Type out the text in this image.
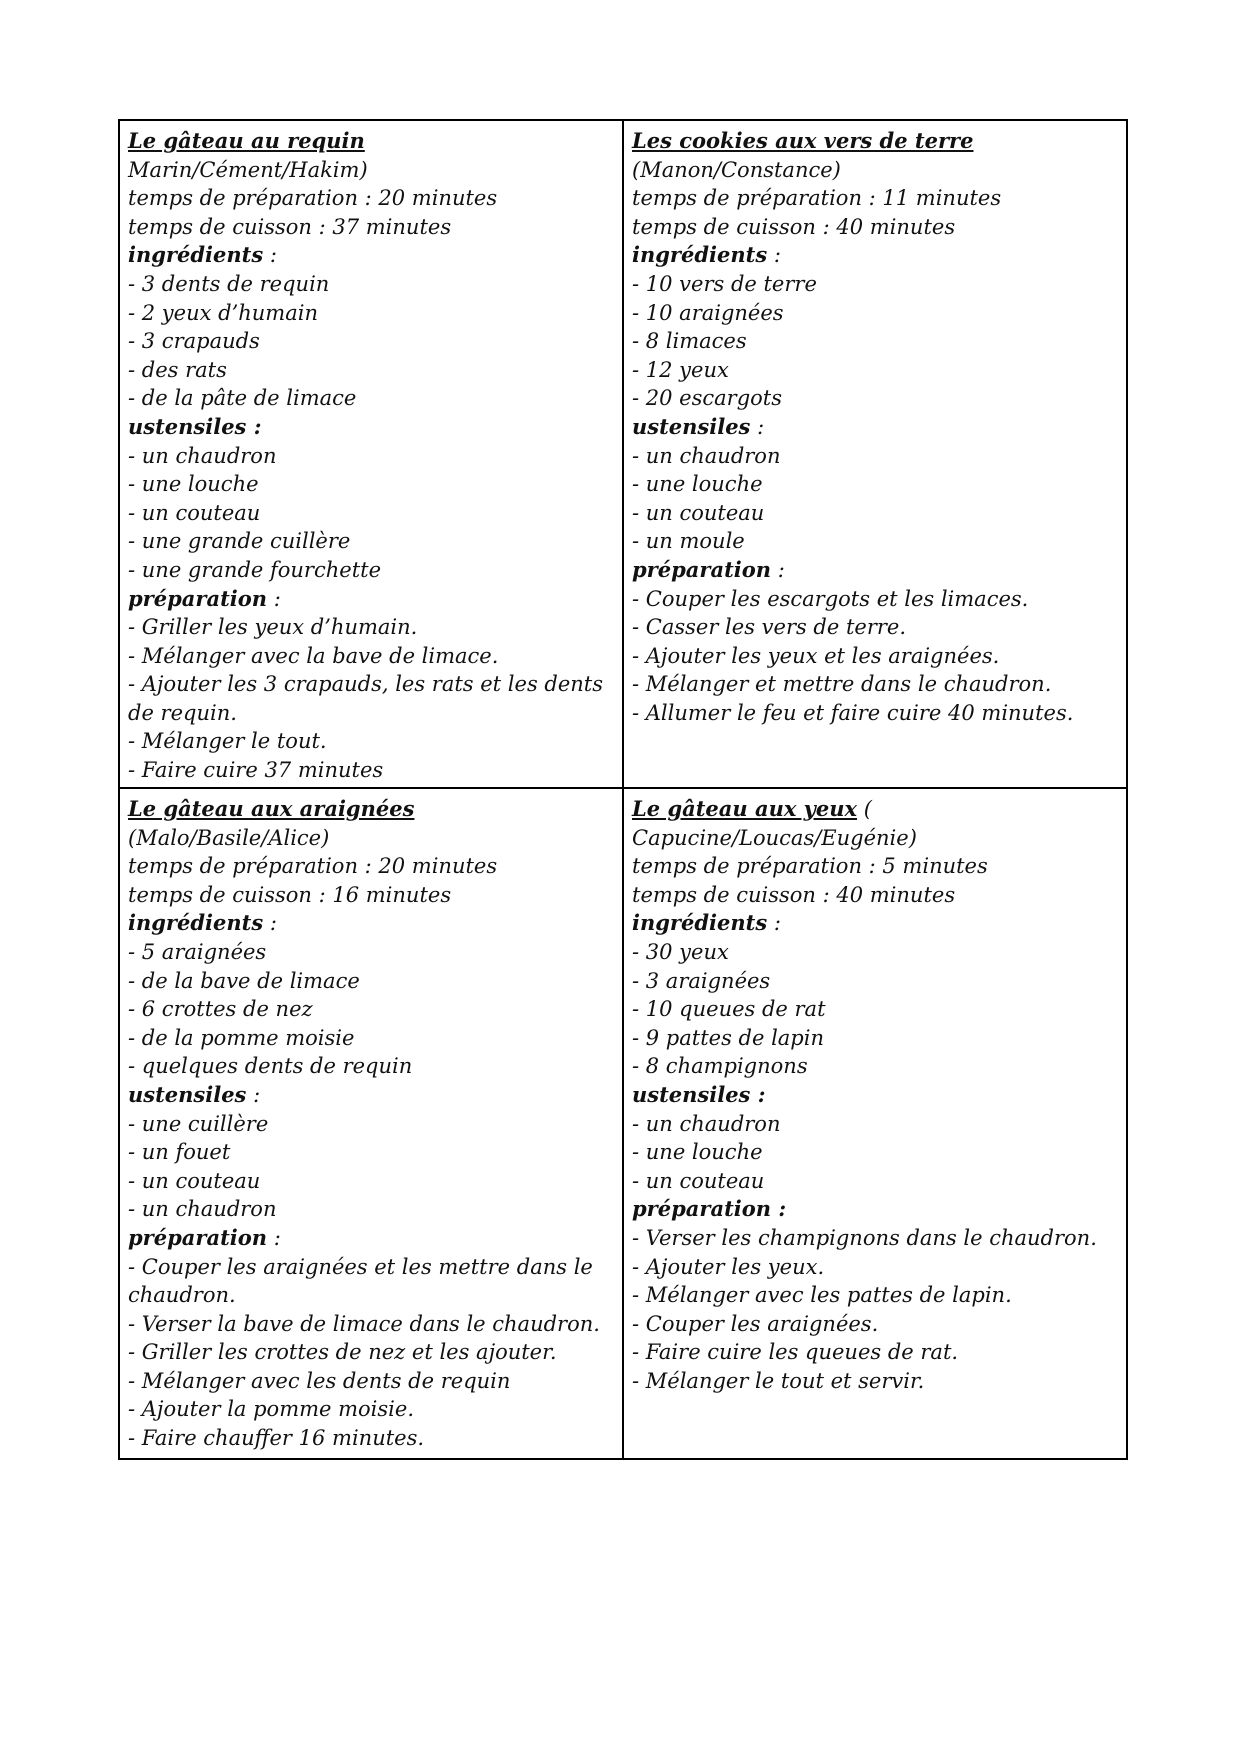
Le gâteau au requin
Marin/Cément/Hakim)
temps de préparation : 20 minutes
temps de cuisson : 37 minutes
ingrédients :
- 3 dents de requin
- 2 yeux d’humain
- 3 crapauds
- des rats
- de la pâte de limace
ustensiles :
- un chaudron
- une louche
- un couteau
- une grande cuillère
- une grande fourchette
préparation :
- Griller les yeux d’humain.
- Mélanger avec la bave de limace.
- Ajouter les 3 crapauds, les rats et les dents de requin.
- Mélanger le tout.
- Faire cuire 37 minutes
Les cookies aux vers de terre
(Manon/Constance)
temps de préparation : 11 minutes
temps de cuisson : 40 minutes
ingrédients :
- 10 vers de terre
- 10 araignées
- 8 limaces
- 12 yeux
- 20 escargots
ustensiles :
- un chaudron
- une louche
- un couteau
- un moule
préparation :
- Couper les escargots et les limaces.
- Casser les vers de terre.
- Ajouter les yeux et les araignées.
- Mélanger et mettre dans le chaudron.
- Allumer le feu et faire cuire 40 minutes.
Le gâteau aux araignées
(Malo/Basile/Alice)
temps de préparation : 20 minutes
temps de cuisson : 16 minutes
ingrédients :
- 5 araignées
- de la bave de limace
- 6 crottes de nez
- de la pomme moisie
- quelques dents de requin
ustensiles :
- une cuillère
- un fouet
- un couteau
- un chaudron
préparation :
- Couper les araignées et les mettre dans le chaudron.
- Verser la bave de limace dans le chaudron.
- Griller les crottes de nez et les ajouter.
- Mélanger avec les dents de requin
- Ajouter la pomme moisie.
- Faire chauffer 16 minutes.
Le gâteau aux yeux (
Capucine/Loucas/Eugénie)
temps de préparation : 5 minutes
temps de cuisson : 40 minutes
ingrédients :
- 30 yeux
- 3 araignées
- 10 queues de rat
- 9 pattes de lapin
- 8 champignons
ustensiles :
- un chaudron
- une louche
- un couteau
préparation :
- Verser les champignons dans le chaudron.
- Ajouter les yeux.
- Mélanger avec les pattes de lapin.
- Couper les araignées.
- Faire cuire les queues de rat.
- Mélanger le tout et servir.
